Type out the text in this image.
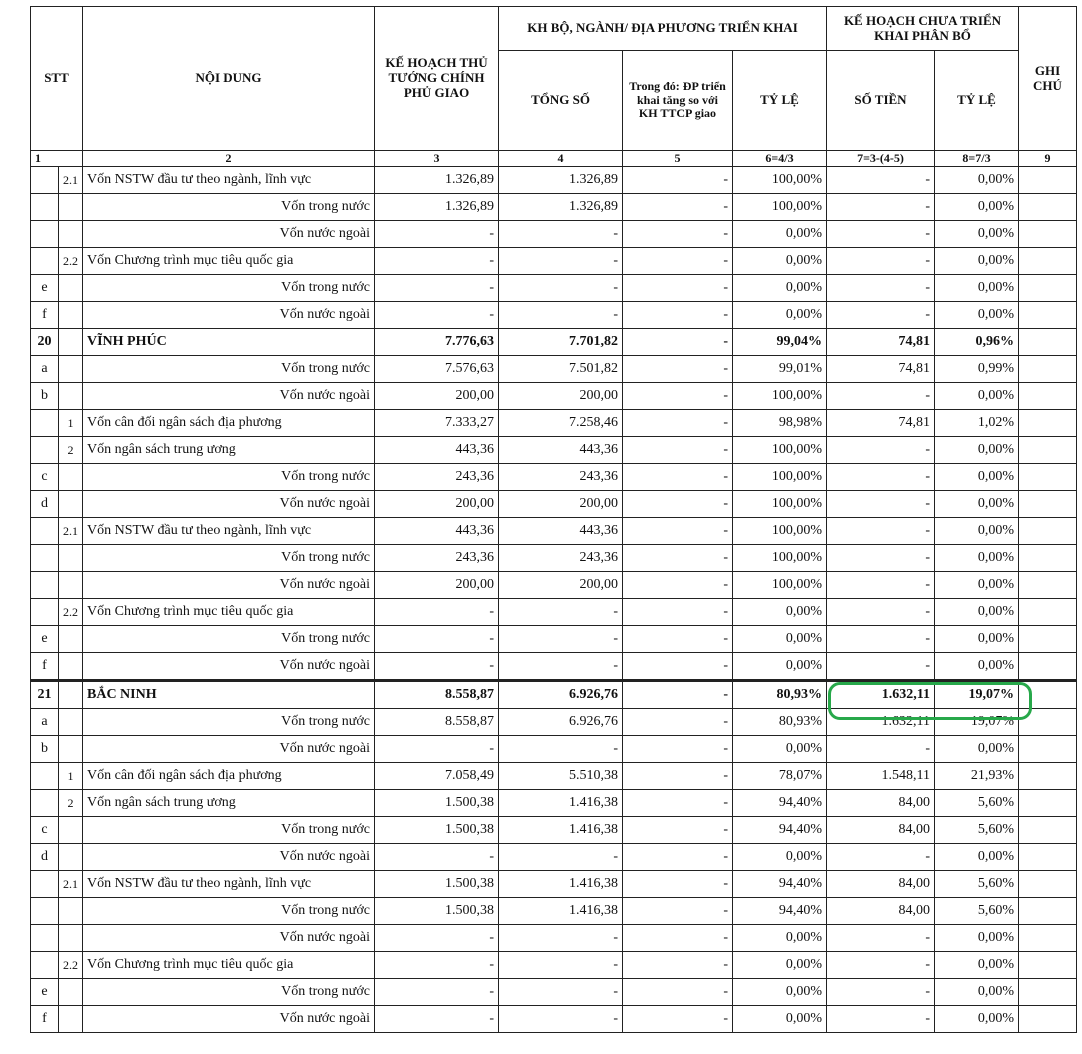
STT		NỘI DUNG	KẾ HOẠCH THỦ TƯỚNG CHÍNH PHỦ GIAO	KH BỘ, NGÀNH/ ĐỊA PHƯƠNG TRIỂN KHAI			KẾ HOẠCH CHƯA TRIỂN KHAI PHÂN BỔ		GHI CHÚ
				TỔNG SỐ	Trong đó: ĐP triển khai tăng so với KH TTCP giao	TỶ LỆ	SỐ TIỀN	TỶ LỆ	
1		2	3	4	5	6=4/3	7=3-(4-5)	8=7/3	9
	2.1	Vốn NSTW đầu tư theo ngành, lĩnh vực	1.326,89	1.326,89	-	100,00%	-	0,00%	
		Vốn trong nước	1.326,89	1.326,89	-	100,00%	-	0,00%	
		Vốn nước ngoài	-	-	-	0,00%	-	0,00%	
	2.2	Vốn Chương trình mục tiêu quốc gia	-	-	-	0,00%	-	0,00%	
e		Vốn trong nước	-	-	-	0,00%	-	0,00%	
f		Vốn nước ngoài	-	-	-	0,00%	-	0,00%	
20		VĨNH PHÚC	7.776,63	7.701,82	-	99,04%	74,81	0,96%	
a		Vốn trong nước	7.576,63	7.501,82	-	99,01%	74,81	0,99%	
b		Vốn nước ngoài	200,00	200,00	-	100,00%	-	0,00%	
	1	Vốn cân đối ngân sách địa phương	7.333,27	7.258,46	-	98,98%	74,81	1,02%	
	2	Vốn ngân sách trung ương	443,36	443,36	-	100,00%	-	0,00%	
c		Vốn trong nước	243,36	243,36	-	100,00%	-	0,00%	
d		Vốn nước ngoài	200,00	200,00	-	100,00%	-	0,00%	
	2.1	Vốn NSTW đầu tư theo ngành, lĩnh vực	443,36	443,36	-	100,00%	-	0,00%	
		Vốn trong nước	243,36	243,36	-	100,00%	-	0,00%	
		Vốn nước ngoài	200,00	200,00	-	100,00%	-	0,00%	
	2.2	Vốn Chương trình mục tiêu quốc gia	-	-	-	0,00%	-	0,00%	
e		Vốn trong nước	-	-	-	0,00%	-	0,00%	
f		Vốn nước ngoài	-	-	-	0,00%	-	0,00%	
21		BẮC NINH	8.558,87	6.926,76	-	80,93%	1.632,11	19,07%	
a		Vốn trong nước	8.558,87	6.926,76	-	80,93%	1.632,11	19,07%	
b		Vốn nước ngoài	-	-	-	0,00%	-	0,00%	
	1	Vốn cân đối ngân sách địa phương	7.058,49	5.510,38	-	78,07%	1.548,11	21,93%	
	2	Vốn ngân sách trung ương	1.500,38	1.416,38	-	94,40%	84,00	5,60%	
c		Vốn trong nước	1.500,38	1.416,38	-	94,40%	84,00	5,60%	
d		Vốn nước ngoài	-	-	-	0,00%	-	0,00%	
	2.1	Vốn NSTW đầu tư theo ngành, lĩnh vực	1.500,38	1.416,38	-	94,40%	84,00	5,60%	
		Vốn trong nước	1.500,38	1.416,38	-	94,40%	84,00	5,60%	
		Vốn nước ngoài	-	-	-	0,00%	-	0,00%	
	2.2	Vốn Chương trình mục tiêu quốc gia	-	-	-	0,00%	-	0,00%	
e		Vốn trong nước	-	-	-	0,00%	-	0,00%	
f		Vốn nước ngoài	-	-	-	0,00%	-	0,00%	
